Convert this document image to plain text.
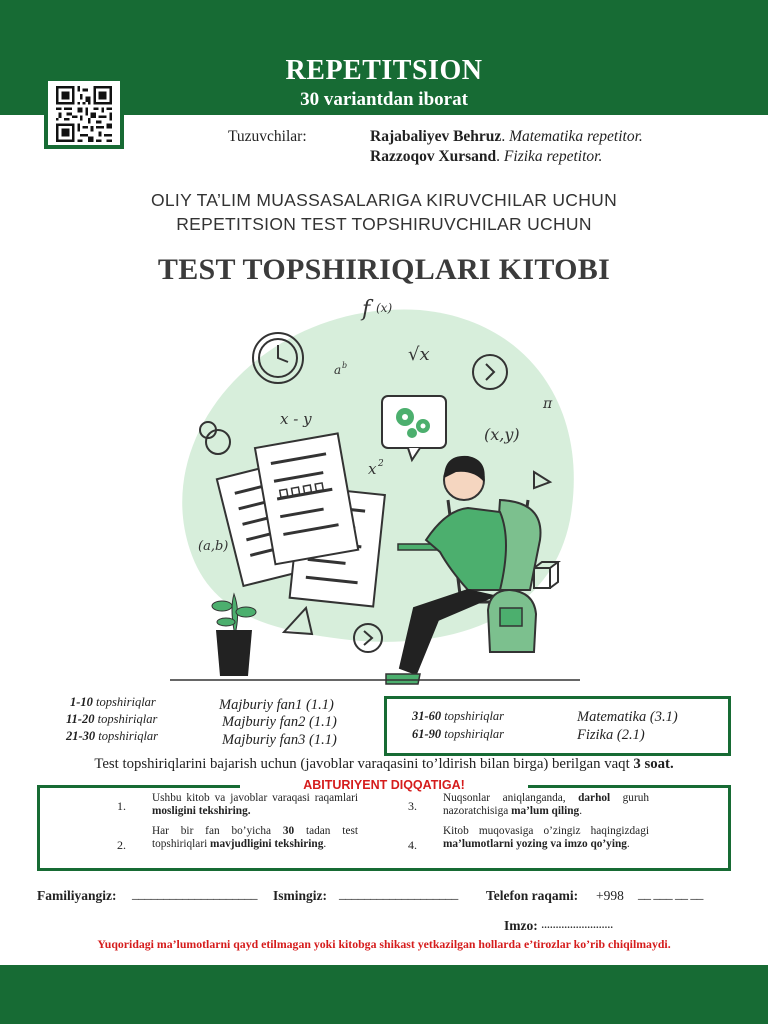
REPETITSION
30 variantdan iborat
Tuzuvchilar:	Rajabaliyev Behruz. Matematika repetitor.
Razzoqov Xursand. Fizika repetitor.
OLIY TA’LIM MUASSASALARIGA KIRUVCHILAR UCHUN
REPETITSION TEST TOPSHIRUVCHILAR UCHUN
TEST TOPSHIRIQLARI KITOBI
f (x)
a b
√x
x - y
(x,y)
π
x 2
(a,b)
1-10 topshiriqlar
11-20 topshiriqlar
21-30 topshiriqlar
Majburiy fan1 (1.1)
Majburiy fan2 (1.1)
Majburiy fan3 (1.1)
31-60 topshiriqlar
61-90 topshiriqlar
Matematika (3.1)
Fizika (2.1)
Test topshiriqlarini bajarish uchun (javoblar varaqasini to’ldirish bilan birga) berilgan vaqt 3 soat.
ABITURIYENT DIQQATIGA!
1.
Ushbu kitob va javoblar varaqasi raqamlari mosligini tekshiring.
2.
Har bir fan bo’yicha 30 tadan test topshiriqlari mavjudligini tekshiring.
3.
Nuqsonlar aniqlanganda, darhol guruh nazoratchisiga ma’lum qiling.
4.
Kitob muqovasiga o’zingiz haqingizdagi ma’lumotlarni yozing va imzo qo’ying.
Familiyangiz: ____________________ Ismingiz: ___________________ Telefon raqami: +998 __ ___ __ __
Imzo: .........................
Yuqoridagi ma’lumotlarni qayd etilmagan yoki kitobga shikast yetkazilgan hollarda e’tirozlar ko’rib chiqilmaydi.
